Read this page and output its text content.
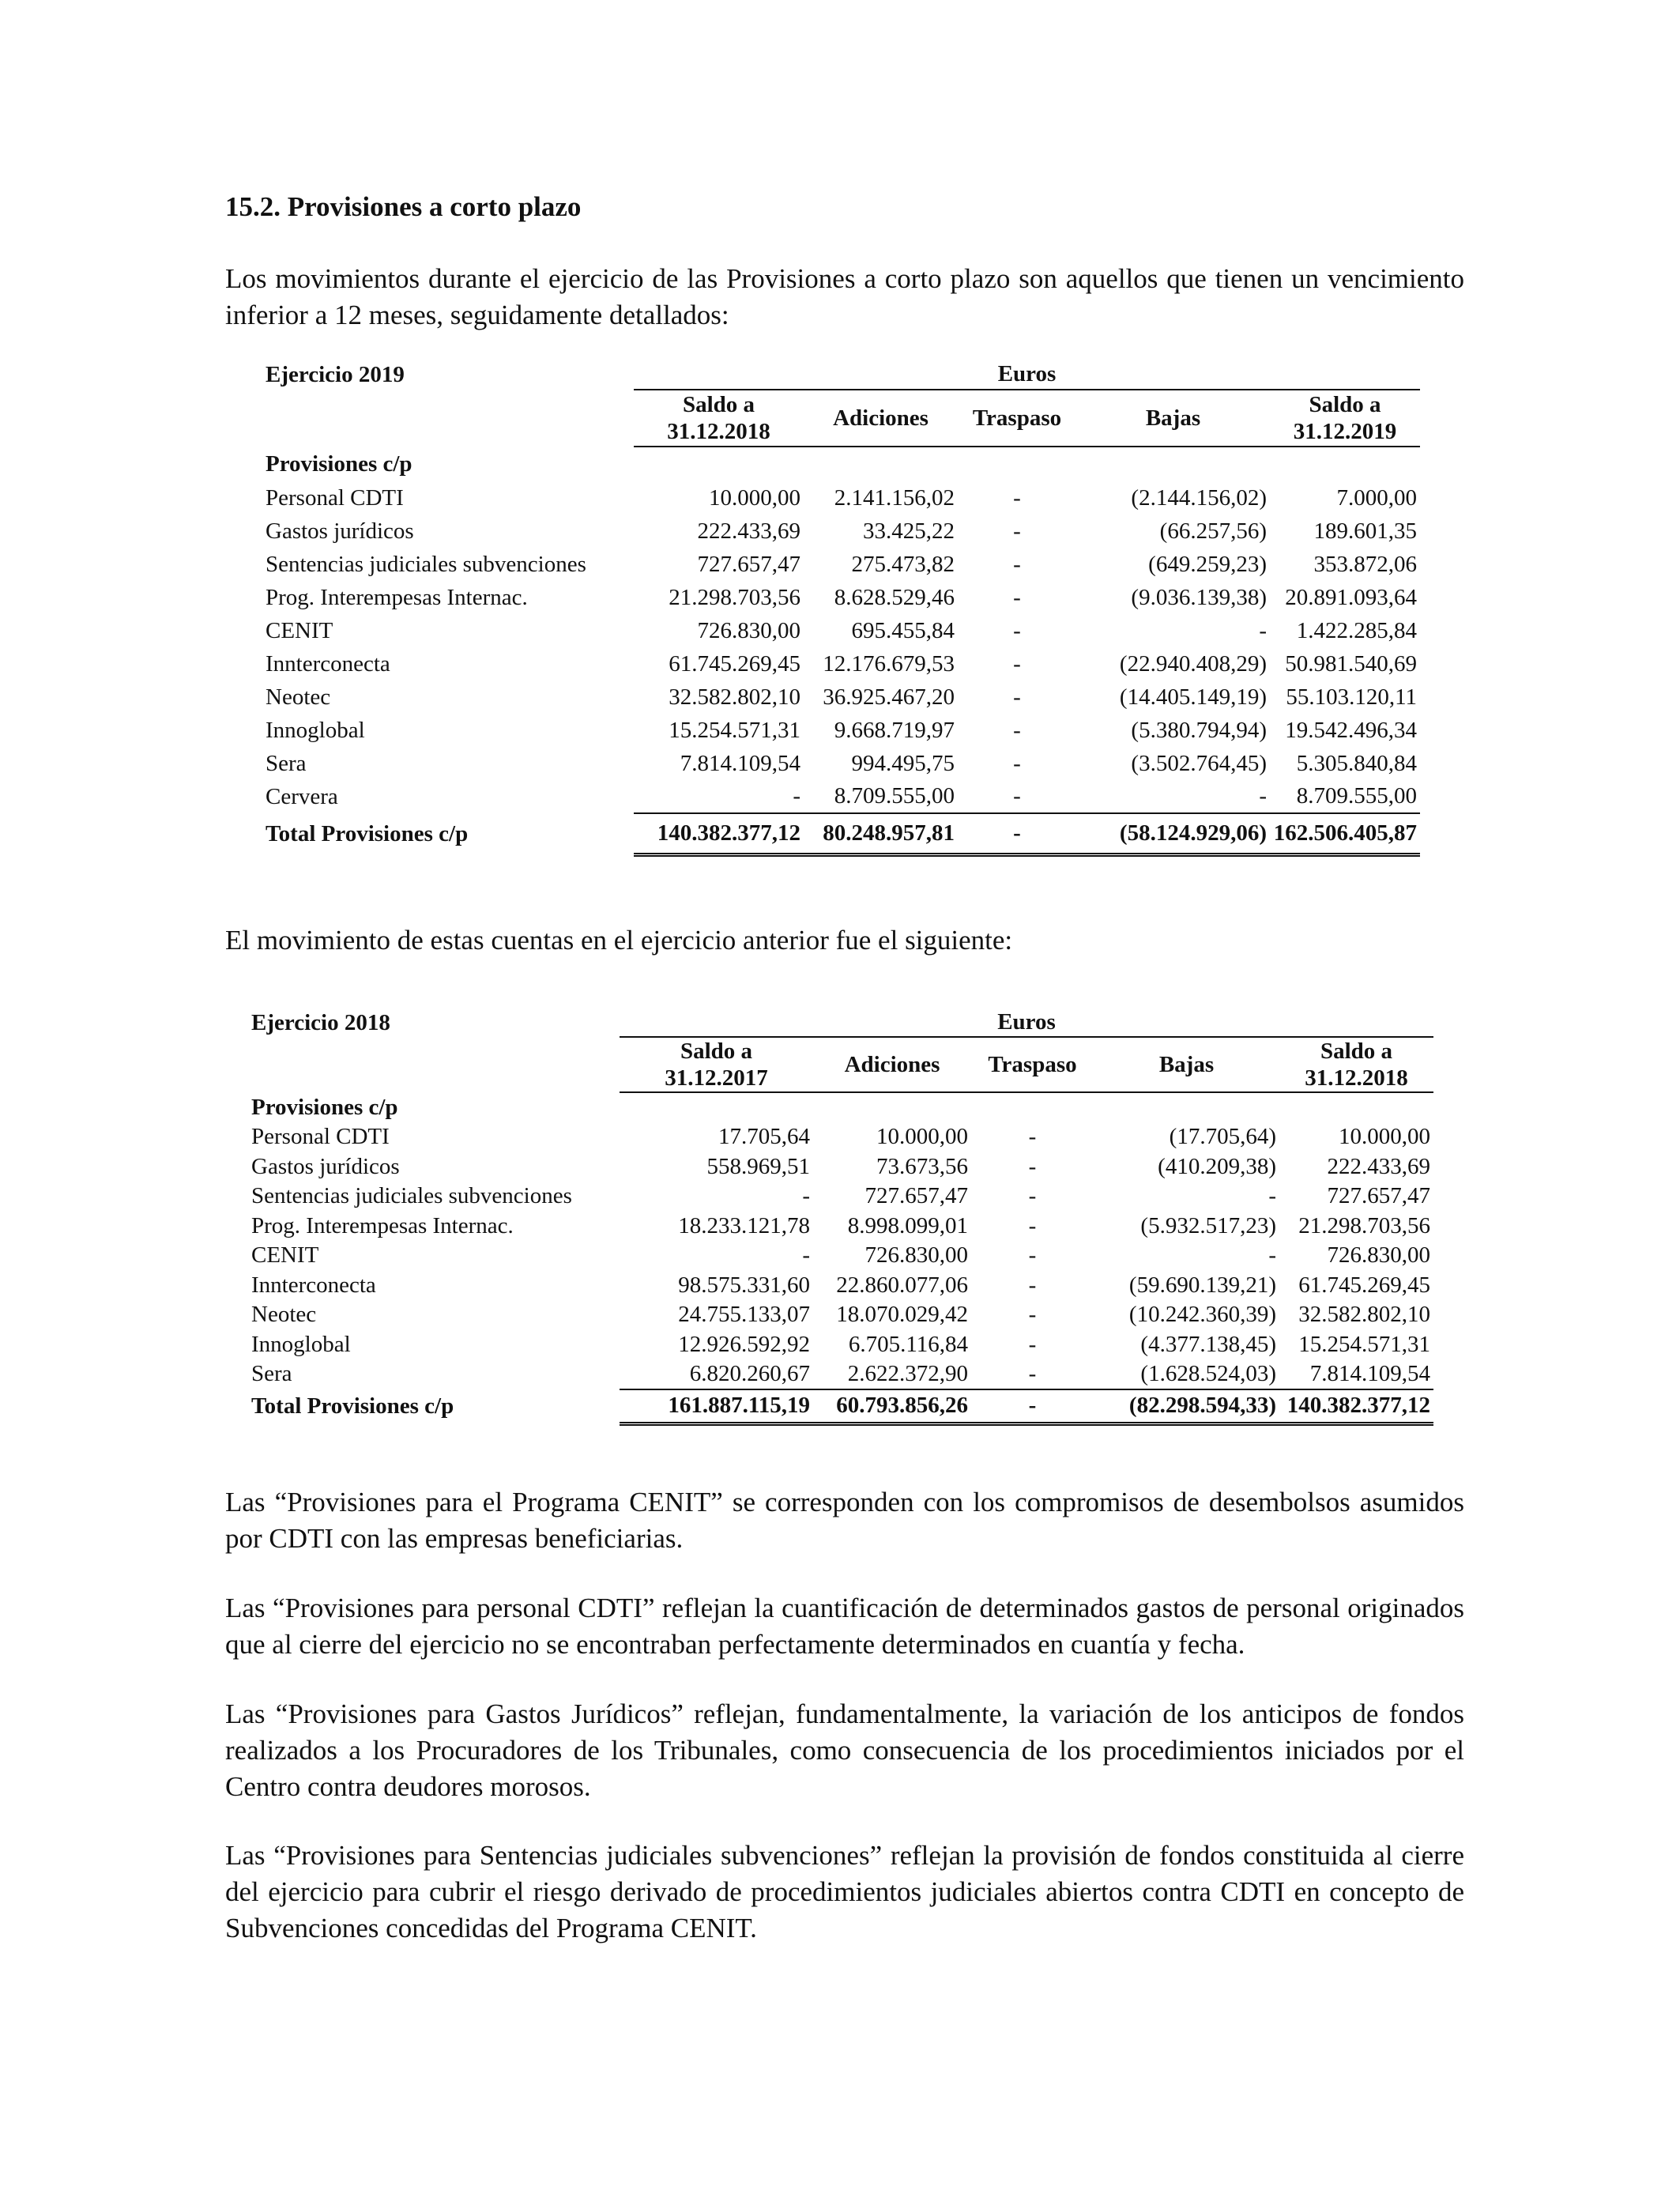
15.2. Provisiones a corto plazo

Los movimientos durante el ejercicio de las Provisiones a corto plazo son aquellos que tienen un vencimiento inferior a 12 meses, seguidamente detallados:

Ejercicio 2019	Euros				
	Saldo a
31.12.2018	Adiciones	Traspaso	Bajas	Saldo a
31.12.2019
Provisiones c/p					
Personal CDTI	10.000,00	2.141.156,02	-	(2.144.156,02)	7.000,00
Gastos jurídicos	222.433,69	33.425,22	-	(66.257,56)	189.601,35
Sentencias judiciales subvenciones	727.657,47	275.473,82	-	(649.259,23)	353.872,06
Prog. Interempesas Internac.	21.298.703,56	8.628.529,46	-	(9.036.139,38)	20.891.093,64
CENIT	726.830,00	695.455,84	-	-	1.422.285,84
Innterconecta	61.745.269,45	12.176.679,53	-	(22.940.408,29)	50.981.540,69
Neotec	32.582.802,10	36.925.467,20	-	(14.405.149,19)	55.103.120,11
Innoglobal	15.254.571,31	9.668.719,97	-	(5.380.794,94)	19.542.496,34
Sera	7.814.109,54	994.495,75	-	(3.502.764,45)	5.305.840,84
Cervera	-	8.709.555,00	-	-	8.709.555,00
Total Provisiones c/p	140.382.377,12	80.248.957,81	-	(58.124.929,06)	162.506.405,87

El movimiento de estas cuentas en el ejercicio anterior fue el siguiente:

Ejercicio 2018	Euros				
	Saldo a
31.12.2017	Adiciones	Traspaso	Bajas	Saldo a
31.12.2018
Provisiones c/p					
Personal CDTI	17.705,64	10.000,00	-	(17.705,64)	10.000,00
Gastos jurídicos	558.969,51	73.673,56	-	(410.209,38)	222.433,69
Sentencias judiciales subvenciones	-	727.657,47	-	-	727.657,47
Prog. Interempesas Internac.	18.233.121,78	8.998.099,01	-	(5.932.517,23)	21.298.703,56
CENIT	-	726.830,00	-	-	726.830,00
Innterconecta	98.575.331,60	22.860.077,06	-	(59.690.139,21)	61.745.269,45
Neotec	24.755.133,07	18.070.029,42	-	(10.242.360,39)	32.582.802,10
Innoglobal	12.926.592,92	6.705.116,84	-	(4.377.138,45)	15.254.571,31
Sera	6.820.260,67	2.622.372,90	-	(1.628.524,03)	7.814.109,54
Total Provisiones c/p	161.887.115,19	60.793.856,26	-	(82.298.594,33)	140.382.377,12

Las “Provisiones para el Programa CENIT” se corresponden con los compromisos de desembolsos asumidos por CDTI con las empresas beneficiarias.

Las “Provisiones para personal CDTI” reflejan la cuantificación de determinados gastos de personal originados que al cierre del ejercicio no se encontraban perfectamente determinados en cuantía y fecha.

Las “Provisiones para Gastos Jurídicos” reflejan, fundamentalmente, la variación de los anticipos de fondos realizados a los Procuradores de los Tribunales, como consecuencia de los procedimientos iniciados por el Centro contra deudores morosos.

Las “Provisiones para Sentencias judiciales subvenciones” reflejan la provisión de fondos constituida al cierre del ejercicio para cubrir el riesgo derivado de procedimientos judiciales abiertos contra CDTI en concepto de Subvenciones concedidas del Programa CENIT.
